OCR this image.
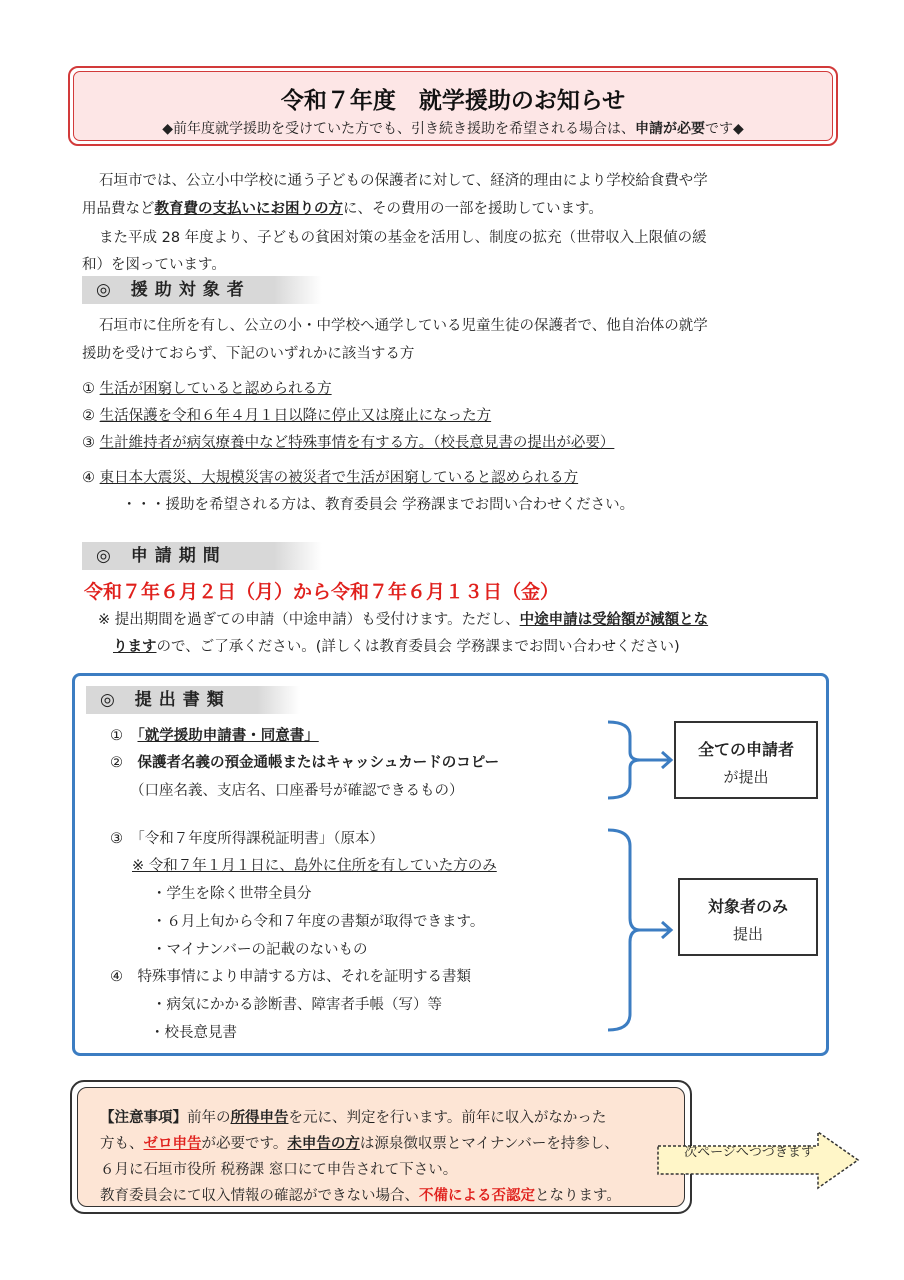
令和７年度　就学援助のお知らせ
◆前年度就学援助を受けていた方でも、引き続き援助を希望される場合は、申請が必要です◆
石垣市では、公立小中学校に通う子どもの保護者に対して、経済的理由により学校給食費や学
用品費など教育費の支払いにお困りの方に、その費用の一部を援助しています。
また平成 28 年度より、子どもの貧困対策の基金を活用し、制度の拡充（世帯収入上限値の緩
和）を図っています。
◎ 援助対象者
石垣市に住所を有し、公立の小・中学校へ通学している児童生徒の保護者で、他自治体の就学
援助を受けておらず、下記のいずれかに該当する方
① 生活が困窮していると認められる方
② 生活保護を令和６年４月１日以降に停止又は廃止になった方
③ 生計維持者が病気療養中など特殊事情を有する方。（校長意見書の提出が必要）
④ 東日本大震災、大規模災害の被災者で生活が困窮していると認められる方
・・・援助を希望される方は、教育委員会 学務課までお問い合わせください。
◎ 申請期間
令和７年６月２日（月）から令和７年６月１３日（金）
※ 提出期間を過ぎての申請（中途申請）も受付けます。ただし、中途申請は受給額が減額とな
りますので、ご了承ください。(詳しくは教育委員会 学務課までお問い合わせください)
◎ 提出書類
①　 「就学援助申請書・同意書」
②　 保護者名義の預金通帳またはキャッシュカードのコピー
（口座名義、支店名、口座番号が確認できるもの）
全ての申請者
が提出
③　 「令和７年度所得課税証明書」（原本）
※ 令和７年１月１日に、島外に住所を有していた方のみ
・学生を除く世帯全員分
・６月上旬から令和７年度の書類が取得できます。
・マイナンバーの記載のないもの
④　 特殊事情により申請する方は、それを証明する書類
・病気にかかる診断書、障害者手帳（写）等
・校長意見書
対象者のみ
提出
【注意事項】前年の所得申告を元に、判定を行います。前年に収入がなかった
方も、ゼロ申告が必要です。未申告の方は源泉徴収票とマイナンバーを持参し、
６月に石垣市役所 税務課 窓口にて申告されて下さい。
教育委員会にて収入情報の確認ができない場合、不備による否認定となります。
次ページへつづきます
